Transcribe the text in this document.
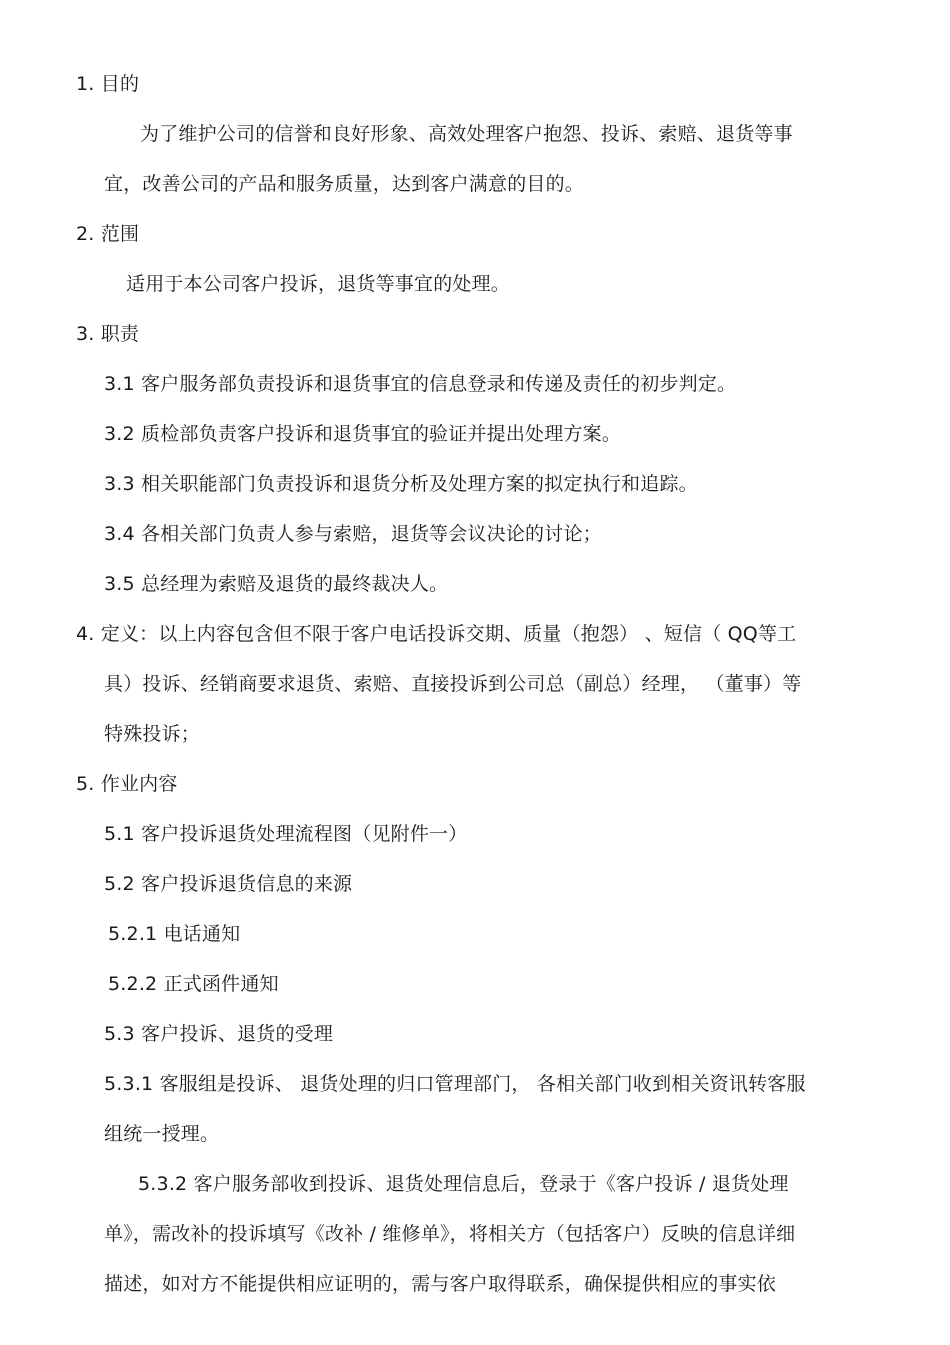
1. 目的
为了维护公司的信誉和良好形象、高效处理客户抱怨、投诉、索赔、退货等事
宜，改善公司的产品和服务质量，达到客户满意的目的。
2. 范围
适用于本公司客户投诉，退货等事宜的处理。
3. 职责
3.1 客户服务部负责投诉和退货事宜的信息登录和传递及责任的初步判定。
3.2 质检部负责客户投诉和退货事宜的验证并提出处理方案。
3.3 相关职能部门负责投诉和退货分析及处理方案的拟定执行和追踪。
3.4 各相关部门负责人参与索赔，退货等会议决论的讨论；
3.5 总经理为索赔及退货的最终裁决人。
4. 定义：以上内容包含但不限于客户电话投诉交期、质量（抱怨） 、短信（ QQ等工
具）投诉、经销商要求退货、索赔、直接投诉到公司总（副总）经理， （董事）等
特殊投诉；
5. 作业内容
5.1 客户投诉退货处理流程图（见附件一）
5.2 客户投诉退货信息的来源
5.2.1 电话通知
5.2.2 正式函件通知
5.3 客户投诉、退货的受理
5.3.1 客服组是投诉、 退货处理的归口管理部门， 各相关部门收到相关资讯转客服
组统一授理。
5.3.2 客户服务部收到投诉、退货处理信息后，登录于《客户投诉 / 退货处理
单》，需改补的投诉填写《改补 / 维修单》，将相关方（包括客户）反映的信息详细
描述，如对方不能提供相应证明的，需与客户取得联系，确保提供相应的事实依
